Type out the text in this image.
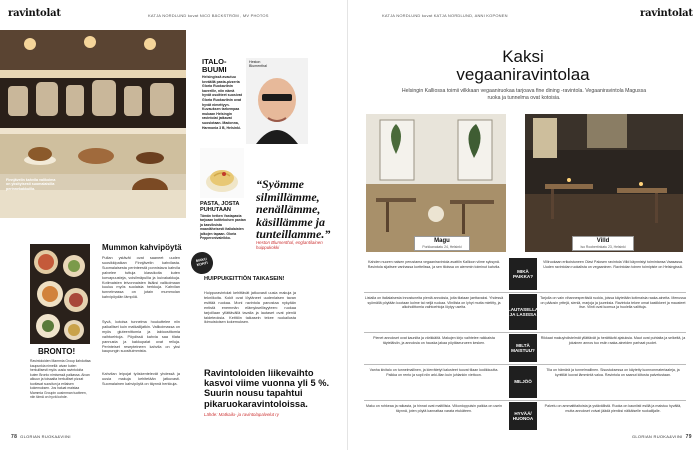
ravintolat	KATJA NORDLUND kuvat NICO BÄCKSTRÖM , MV PHOTOS
Finnjävelin kahvila valikoima on yksityisesti suomalaisilla perinnekakkuilla.
ITALO-BUUMI
Helsingissä avautuu keväällä pasta-pizzeria Gloria Ruokaviinin kaverille, niin nämä hyvät osoitteet suosivat Gloria Ruokaviinin ovat hyvät nimettyyn. Kuvauksen tarkempaa mukaan Helsingin ravintolat jatkavat suosiotaan. Madonna, Harmonia 3 B, Helsinki.
Heston Blumenthal
PASTA, JOSTA PUHUTAAN
Tämän hetken Vastapasta tarjoaan kotitekoisen pastan ja kasviksista maanläheisesti italialaisten jalkojen tapaan. Gloria Pepperonivaleikko.
“Syömme silmillämme, nenällämme, käsillämme ja tunteillamme.”
Heston Blumenthal, englantilainen huippukokki
BRONTO!
Ravintoloiden Mammia Group ilahduttaa kaupunkia nimellä: aivan kuten herkullisesti myös uusia ravintoloita kuten Bronto nimisessä paikassa. Aivan alkuun ja toisaalta herkulliset pizzat tuottavat suositun ja erilaisen kokemuksen. Jos haluat maistaa Mammia Groupin uusimman tuotteen, niin tämä on hyvä kohde.
Mummon kahvipöytä
Pullan ystävät ovat saaneet uuden suosikkipaikan Finnjävelin kahvilasta. Suomalaisesta perinteestä ponnistava kahvila palvelee tuttuja klassikoita kuten korvapuusteja, voisilmäpullia ja kuivakakkuja. Kotimaisten leivonnaisten lisäksi valikoimaan kuuluu myös suolaisia herkkuja. Kahvilan tunnelmassa on jotain mummolan kahvipöydän lämpöä.
Syvä, kotoisa tunnelma houkuttelee niin paikalliset kuin matkailijatkin. Valikoimassa on myös gluteenittomia ja laktoosittomia vaihtoehtoja. Pöydissä kahvia saa tilata pannusta ja kakkupalat ovat reiluja. Perinteiset resepteineen kahvila on yksi kaupungin suosituimmista.
Kahvilan leipojat työskentelevät yhdessä ja uusia makuja kehitetään jatkuvasti. Suomalainen kahvipöytä on täynnä herkkuja.
MAKU KOHTI
HUIPPUKEITTIÖN TAIKASEIN!
Huippuravintolat kehittävät jatkuvasti uusia makuja ja tekniikoita. Kokit ovat löytäneet uudenlaisen tavan esittää ruokaa. Moni ravintola panostaa nykyään entistä enemmän elämyksellisyyteen: ruokaa tarjoillaan yllättävällä tavalla ja lautaset ovat pieniä taideteoksia. Keittiön taikasein tekee ruokailusta ikimuistoisen kokemuksen.
Ravintoloiden liikevaihto kasvoi viime vuonna yli 5 %. Suurin nousu tapahtui pikaruokaravintoloissa.
Lähde: Matkailu- ja ravintolapalvelut ry
78 GLORIAN RUOKA&VIINI
KATJA NORDLUND kuvat KATJA NORDLUND, ANNI KOPONEN	ravintolat
Kaksi vegaaniravintolaa
Helsingin Kalliossa toimii vilkkaan vegaaniruokaa tarjoava fine dining -ravintola. Vegaaniravintola Magussa ruoka ja tunnelma ovat kotoisia.
Magu
Porkkanakatu 24, Helsinki
Villd
Iso Roobertinkatu 23, Helsinki
MIKÄ PAIKKA?
Kahden nuoren naisen perustama vegaaniravintola avattiin Kallioon viime syksynä. Ravintola sijaitsee vanhassa korttelissa, ja sen tiloissa on aiemmin toiminut kahvila.
Villiruokaan erikoistuneen Olavi Palosen ravintola Villd käynnistyi toimintansa Vaasassa. Uuden ravintolan ruokalista on vegaaninen. Ravintolan toinen toimipiste on Helsingissä.
LAUTASELLA JA LASISSA
Listalla on italialaisesta innostuneita pieniä annoksia, joita tilataan jaettavaksi. Yhdessä syömällä pöytään kootaan kolme tai neljä ruokaa. Viinilista on lyhyt mutta mietitty, ja alkoholittomia vaihtoehtoja löytyy useita.
Tarjolla on vain vihannesperäisiä ruokia, joissa käytetään kotimaisia raaka-aineita. Menussa on pääosin yrttejä, sieniä, marjoja ja juureksia. Ravintola tekee omat kastikkeet ja mausteet itse. Viinit ovat luomua ja huolella valittuja.
MILTÄ MAISTUU?
Pienet annokset ovat kauniita ja värikkäitä. Makujen kirjo vaihtelee raikkaista täyteläisiin, ja annoksia on hauska jakaa pöytäseurueen kesken.
Rikkaat makuyhdistelmät yllättävät ja herättävät ajatuksia. Maut ovat puhtaita ja selkeitä, ja jokainen annos tuo esiin raaka-aineiden parhaat puolet.
MILJÖÖ
Vanha kivitalo on tunnelmallinen, ja kierrätetyt kalusteet tuovat tilaan kodikkuutta. Paikka on rento ja sopii niin arki-illan kuin juhlankin viettoon.
Tila on hämärä ja tunnelmallinen. Sisustuksessa on käytetty luonnonmateriaaleja, ja kynttilät luovat lämmintä valoa. Ravintola on saanut kiitosta palvelustaan.
HYVÄÄ/ HUONOA
Maku on rohkeaa ja raikasta, ja hinnat ovat maltillisia. Viikonloppuisin paikka on usein täynnä, joten pöytä kannattaa varata etukäteen.
Palvelu on ammattitaitoista ja ystävällistä. Ruoka on kauniisti esillä ja maistuu hyvältä, mutta annokset voivat jäädä pieniksi nälkäiselle ruokailijalle.
GLORIAN RUOKA&VIINI 79
